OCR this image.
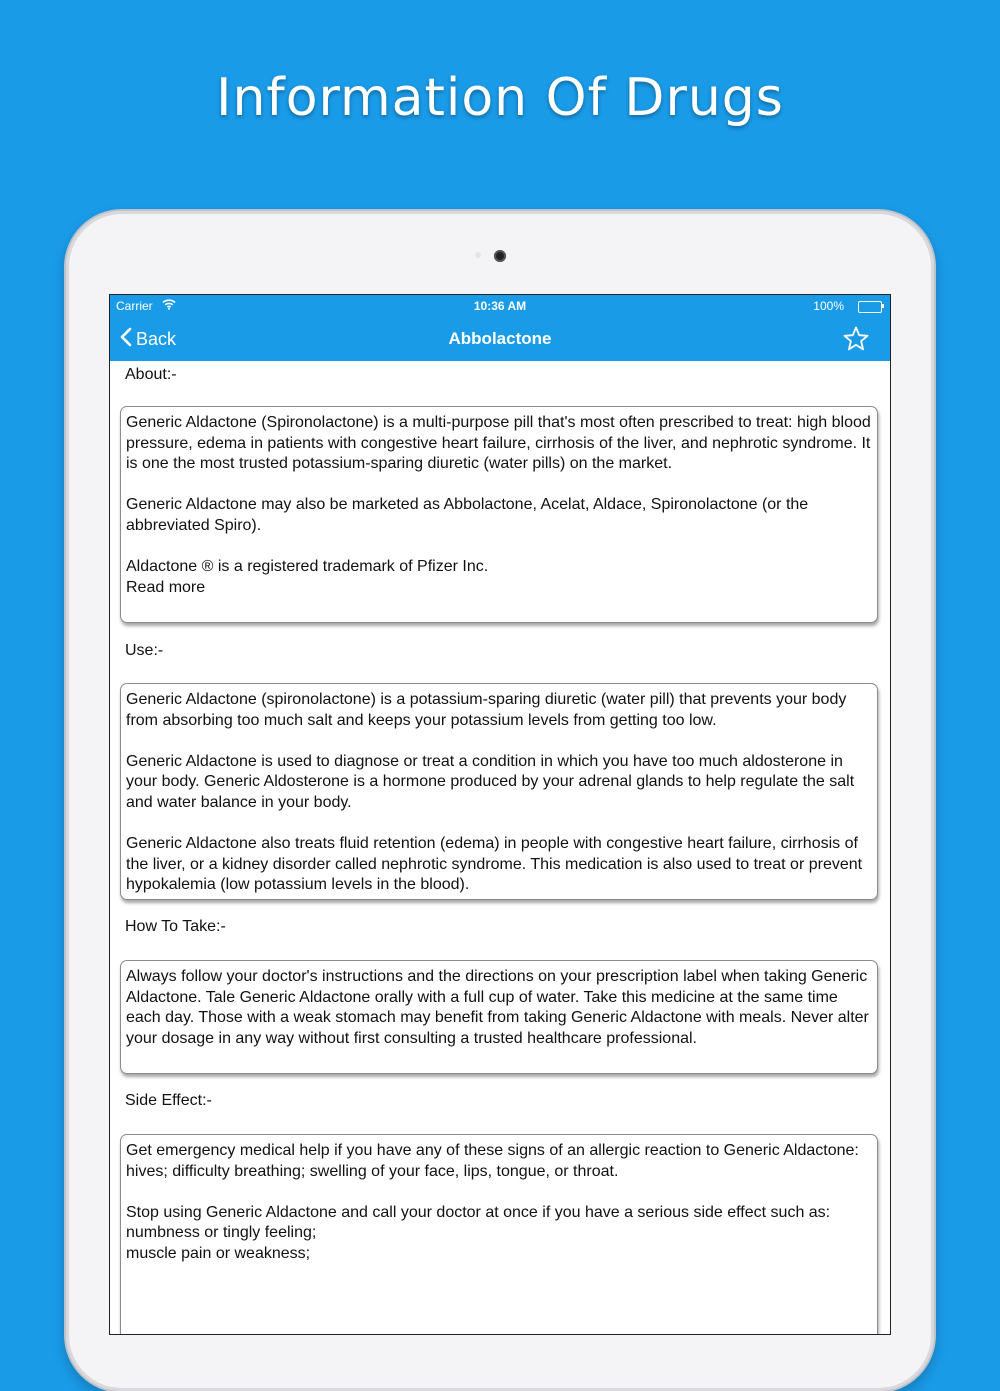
Information Of Drugs
Carrier	10:36 AM	100%
Back	Abbolactone
About:-

Generic Aldactone (Spironolactone) is a multi-purpose pill that's most often prescribed to treat: high blood pressure, edema in patients with congestive heart failure, cirrhosis of the liver, and nephrotic syndrome. It is one the most trusted potassium-sparing diuretic (water pills) on the market.

Generic Aldactone may also be marketed as Abbolactone, Acelat, Aldace, Spironolactone (or the abbreviated Spiro).

Aldactone ® is a registered trademark of Pfizer Inc.

Read more
Use:-

Generic Aldactone (spironolactone) is a potassium-sparing diuretic (water pill) that prevents your body from absorbing too much salt and keeps your potassium levels from getting too low.

Generic Aldactone is used to diagnose or treat a condition in which you have too much aldosterone in your body. Generic Aldosterone is a hormone produced by your adrenal glands to help regulate the salt and water balance in your body.

Generic Aldactone also treats fluid retention (edema) in people with congestive heart failure, cirrhosis of the liver, or a kidney disorder called nephrotic syndrome. This medication is also used to treat or prevent hypokalemia (low potassium levels in the blood).

How To Take:-

Always follow your doctor's instructions and the directions on your prescription label when taking Generic Aldactone. Tale Generic Aldactone orally with a full cup of water. Take this medicine at the same time each day. Those with a weak stomach may benefit from taking Generic Aldactone with meals. Never alter your dosage in any way without first consulting a trusted healthcare professional.

Side Effect:-

Get emergency medical help if you have any of these signs of an allergic reaction to Generic Aldactone: hives; difficulty breathing; swelling of your face, lips, tongue, or throat.

Stop using Generic Aldactone and call your doctor at once if you have a serious side effect such as:

numbness or tingly feeling;
muscle pain or weakness;
